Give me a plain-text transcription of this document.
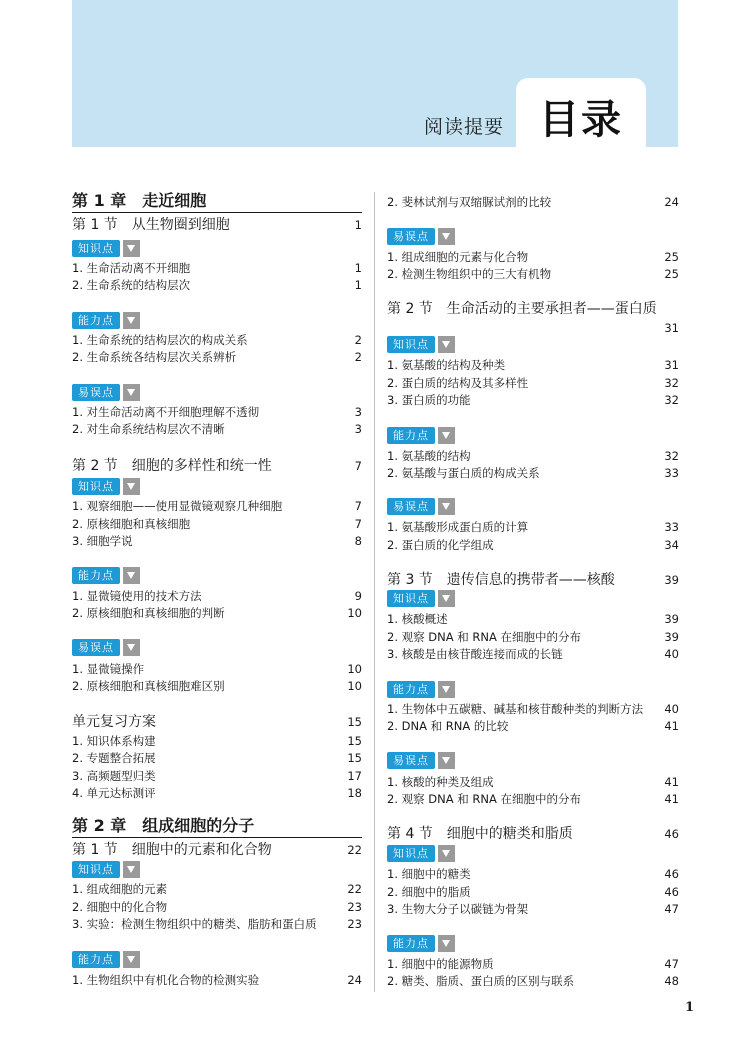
阅读提要 目录
第 1 章　走近细胞
第 1 节　从生物圈到细胞	1
知识点
1. 生命活动离不开细胞	1
2. 生命系统的结构层次	1
能力点
1. 生命系统的结构层次的构成关系	2
2. 生命系统各结构层次关系辨析	2
易误点
1. 对生命活动离不开细胞理解不透彻	3
2. 对生命系统结构层次不清晰	3
第 2 节　细胞的多样性和统一性	7
知识点
1. 观察细胞——使用显微镜观察几种细胞	7
2. 原核细胞和真核细胞	7
3. 细胞学说	8
能力点
1. 显微镜使用的技术方法	9
2. 原核细胞和真核细胞的判断	10
易误点
1. 显微镜操作	10
2. 原核细胞和真核细胞难区别	10
单元复习方案	15
1. 知识体系构建	15
2. 专题整合拓展	15
3. 高频题型归类	17
4. 单元达标测评	18
第 2 章　组成细胞的分子
第 1 节　细胞中的元素和化合物	22
知识点
1. 组成细胞的元素	22
2. 细胞中的化合物	23
3. 实验：检测生物组织中的糖类、脂肪和蛋白质	23
能力点
1. 生物组织中有机化合物的检测实验	24
2. 斐林试剂与双缩脲试剂的比较	24
易误点
1. 组成细胞的元素与化合物	25
2. 检测生物组织中的三大有机物	25
第 2 节　生命活动的主要承担者——蛋白质
31
知识点
1. 氨基酸的结构及种类	31
2. 蛋白质的结构及其多样性	32
3. 蛋白质的功能	32
能力点
1. 氨基酸的结构	32
2. 氨基酸与蛋白质的构成关系	33
易误点
1. 氨基酸形成蛋白质的计算	33
2. 蛋白质的化学组成	34
第 3 节　遗传信息的携带者——核酸	39
知识点
1. 核酸概述	39
2. 观察 DNA 和 RNA 在细胞中的分布	39
3. 核酸是由核苷酸连接而成的长链	40
能力点
1. 生物体中五碳糖、碱基和核苷酸种类的判断方法	40
2. DNA 和 RNA 的比较	41
易误点
1. 核酸的种类及组成	41
2. 观察 DNA 和 RNA 在细胞中的分布	41
第 4 节　细胞中的糖类和脂质	46
知识点
1. 细胞中的糖类	46
2. 细胞中的脂质	46
3. 生物大分子以碳链为骨架	47
能力点
1. 细胞中的能源物质	47
2. 糖类、脂质、蛋白质的区别与联系	48
1
